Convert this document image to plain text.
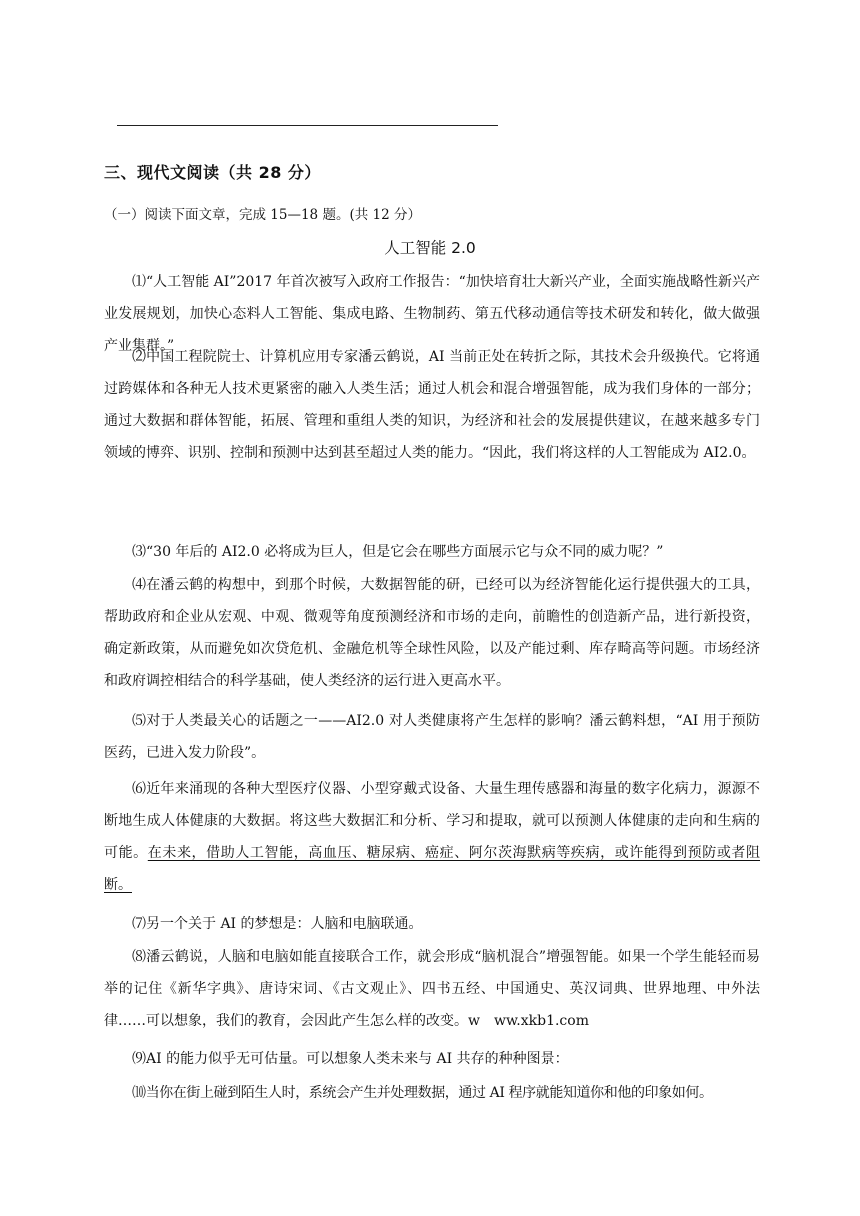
三、现代文阅读（共 28 分）
（一）阅读下面文章，完成 15—18 题。(共 12 分）
人工智能 2.0

⑴“人工智能 AI”2017 年首次被写入政府工作报告：“加快培育壮大新兴产业，全面实施战略性新兴产业发展规划，加快心态料人工智能、集成电路、生物制药、第五代移动通信等技术研发和转化，做大做强产业集群。”

⑵中国工程院院士、计算机应用专家潘云鹤说，AI 当前正处在转折之际，其技术会升级换代。它将通过跨媒体和各种无人技术更紧密的融入人类生活；通过人机会和混合增强智能，成为我们身体的一部分；通过大数据和群体智能，拓展、管理和重组人类的知识，为经济和社会的发展提供建议，在越来越多专门领域的博弈、识别、控制和预测中达到甚至超过人类的能力。“因此，我们将这样的人工智能成为 AI2.0。

⑶“30 年后的 AI2.0 必将成为巨人，但是它会在哪些方面展示它与众不同的威力呢？”

⑷在潘云鹤的构想中，到那个时候，大数据智能的研，已经可以为经济智能化运行提供强大的工具，帮助政府和企业从宏观、中观、微观等角度预测经济和市场的走向，前瞻性的创造新产品，进行新投资，确定新政策，从而避免如次贷危机、金融危机等全球性风险，以及产能过剩、库存畸高等问题。市场经济和政府调控相结合的科学基础，使人类经济的运行进入更高水平。

⑸对于人类最关心的话题之一——AI2.0 对人类健康将产生怎样的影响？潘云鹤料想，“AI 用于预防医药，已进入发力阶段”。

⑹近年来涌现的各种大型医疗仪器、小型穿戴式设备、大量生理传感器和海量的数字化病力，源源不断地生成人体健康的大数据。将这些大数据汇和分析、学习和提取，就可以预测人体健康的走向和生病的可能。在未来，借助人工智能，高血压、糖尿病、癌症、阿尔茨海默病等疾病，或许能得到预防或者阻断。

⑺另一个关于 AI 的梦想是：人脑和电脑联通。

⑻潘云鹤说，人脑和电脑如能直接联合工作，就会形成“脑机混合”增强智能。如果一个学生能轻而易举的记住《新华字典》、唐诗宋词、《古文观止》、四书五经、中国通史、英汉词典、世界地理、中外法律……可以想象，我们的教育，会因此产生怎么样的改变。w　ww.xkb1.com

⑼AI 的能力似乎无可估量。可以想象人类未来与 AI 共存的种种图景：

⑽当你在街上碰到陌生人时，系统会产生并处理数据，通过 AI 程序就能知道你和他的印象如何。
